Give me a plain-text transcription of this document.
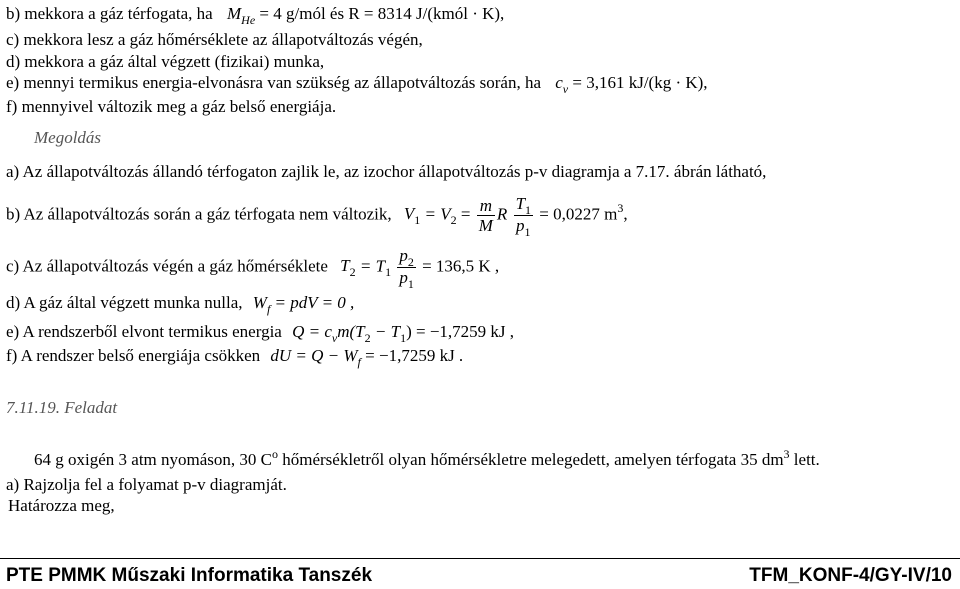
b) mekkora a gáz térfogata, ha $M_{He} = 4$ g/mól és R = 8314 J/(kmól · K),
c) mekkora lesz a gáz hőmérséklete az állapotváltozás végén,
d) mekkora a gáz által végzett (fizikai) munka,
e) mennyi termikus energia-elvonásra van szükség az állapotváltozás során, ha $c_v = 3,161$ kJ/(kg · K),
f) mennyivel változik meg a gáz belső energiája.
Megoldás
a) Az állapotváltozás állandó térfogaton zajlik le, az izochor állapotváltozás p-v diagramja a 7.17. ábrán látható,
b) Az állapotváltozás során a gáz térfogata nem változik, $V_1 = V_2 = \frac{m}{M}$ R $\frac{T_1}{p_1} = 0,0227$ $m^3$,
c) Az állapotváltozás végén a gáz hőmérséklete $T_2 = T_1 \frac{p_2}{p_1} = 136,5$ K ,
d) A gáz által végzett munka nulla, $W_f$ = pdV = 0 ,
e) A rendszerből elvont termikus energia $Q = c_vm(T_2 - T_1) = -1,7259$ kJ ,
f) A rendszer belső energiája csökken dU = $Q - W_f = -1,7259$ kJ .
7.11.19. Feladat
64 g oxigén 3 atm nyomáson, 30 $C^o$ hőmérsékletről olyan hőmérsékletre melegedett, amelyen térfogata 35 $dm^3$ lett.
a) Rajzolja fel a folyamat p-v diagramját.
Határozza meg,
PTE PMMK Műszaki Informatika Tanszék	TFM_KONF-4/GY-IV/10
